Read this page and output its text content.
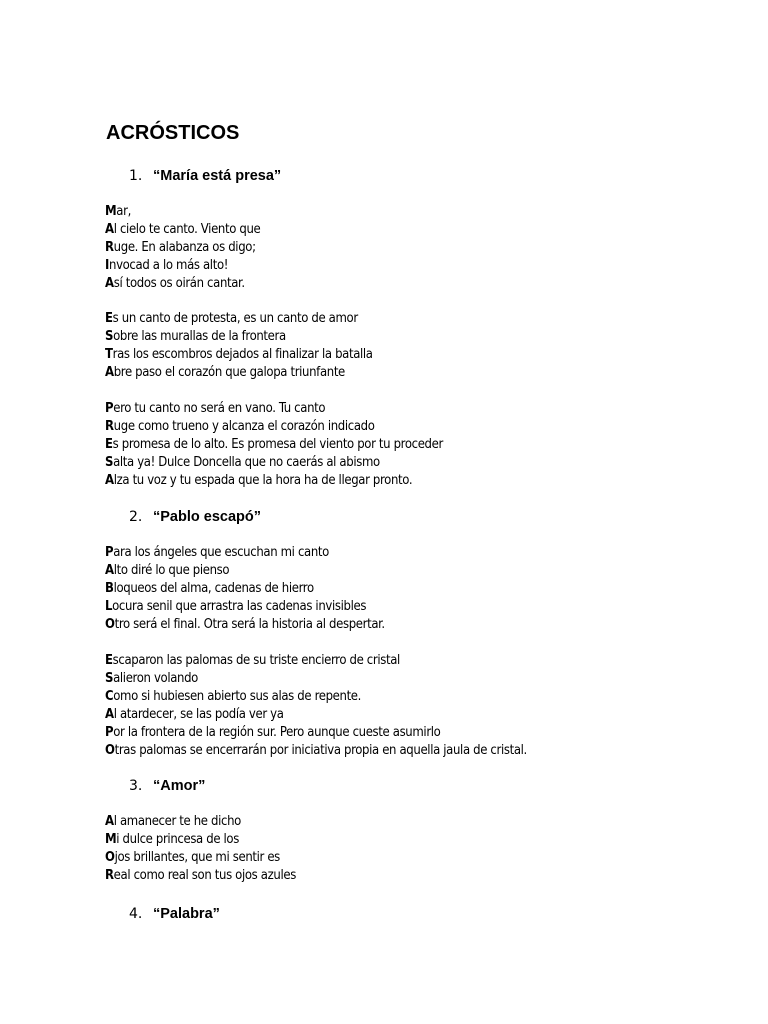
ACRÓSTICOS
1. “María está presa”
Mar,
Al cielo te canto. Viento que
Ruge. En alabanza os digo;
Invocad a lo más alto!
Así todos os oirán cantar.
Es un canto de protesta, es un canto de amor
Sobre las murallas de la frontera
Tras los escombros dejados al finalizar la batalla
Abre paso el corazón que galopa triunfante
Pero tu canto no será en vano. Tu canto
Ruge como trueno y alcanza el corazón indicado
Es promesa de lo alto. Es promesa del viento por tu proceder
Salta ya! Dulce Doncella que no caerás al abismo
Alza tu voz y tu espada que la hora ha de llegar pronto.
2. “Pablo escapó”
Para los ángeles que escuchan mi canto
Alto diré lo que pienso
Bloqueos del alma, cadenas de hierro
Locura senil que arrastra las cadenas invisibles
Otro será el final. Otra será la historia al despertar.
Escaparon las palomas de su triste encierro de cristal
Salieron volando
Como si hubiesen abierto sus alas de repente.
Al atardecer, se las podía ver ya
Por la frontera de la región sur. Pero aunque cueste asumirlo
Otras palomas se encerrarán por iniciativa propia en aquella jaula de cristal.
3. “Amor”
Al amanecer te he dicho
Mi dulce princesa de los
Ojos brillantes, que mi sentir es
Real como real son tus ojos azules
4. “Palabra”
